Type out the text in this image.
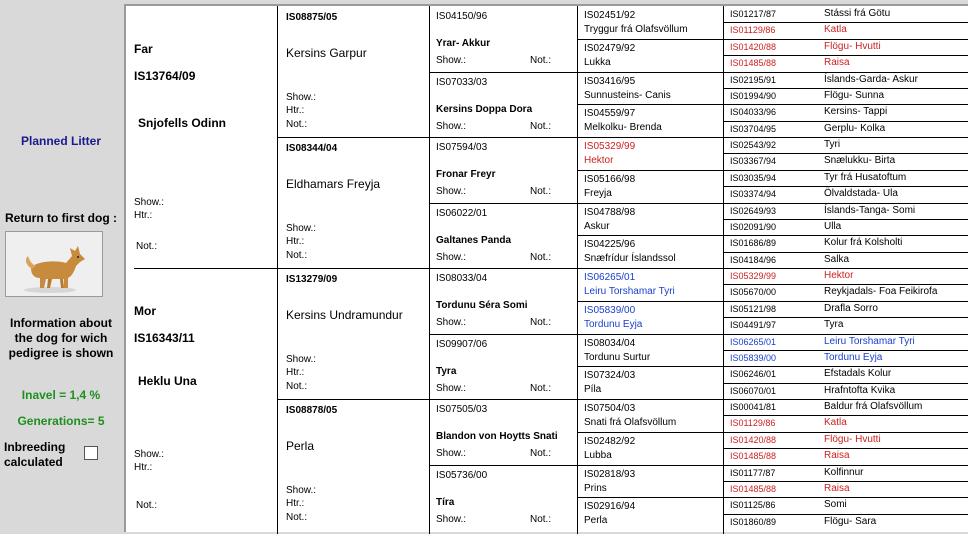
Planned Litter
Return to first dog :
Information about the dog for wich pedigree is shown
Inavel = 1,4 %
Generations= 5
Inbreeding calculated
Far
IS13764/09
Snjofells Odinn
Show.:
Htr.:
Not.:
Mor
IS16343/11
Heklu Una
Show.:
Htr.:
Not.:
IS08875/05
Kersins Garpur
Show.:
Htr.:
Not.:
IS08344/04
Eldhamars Freyja
Show.:
Htr.:
Not.:
IS13279/09
Kersins Undramundur
Show.:
Htr.:
Not.:
IS08878/05
Perla
Show.:
Htr.:
Not.:
IS04150/96
Yrar- Akkur
Show.:	Not.:
IS07033/03
Kersins Doppa Dora
Show.:	Not.:
IS07594/03
Fronar Freyr
Show.:	Not.:
IS06022/01
Galtanes Panda
Show.:	Not.:
IS08033/04
Tordunu Séra Somi
Show.:	Not.:
IS09907/06
Tyra
Show.:	Not.:
IS07505/03
Blandon von Hoytts Snati
Show.:	Not.:
IS05736/00
Tíra
Show.:	Not.:
IS02451/92
Tryggur frá Olafsvöllum
IS02479/92
Lukka
IS03416/95
Sunnusteins- Canis
IS04559/97
Melkolku- Brenda
IS05329/99
Hektor
IS05166/98
Freyja
IS04788/98
Askur
IS04225/96
Snæfrídur Íslandssol
IS06265/01
Leiru Torshamar Tyri
IS05839/00
Tordunu Eyja
IS08034/04
Tordunu Surtur
IS07324/03
Píla
IS07504/03
Snati frá Olafsvöllum
IS02482/92
Lubba
IS02818/93
Prins
IS02916/94
Perla
IS01217/87	Stássi frá Götu
IS01129/86	Katla
IS01420/88	Flögu- Hvutti
IS01485/88	Raisa
IS02195/91	Íslands-Garda- Askur
IS01994/90	Flögu- Sunna
IS04033/96	Kersins- Tappi
IS03704/95	Gerplu- Kolka
IS02543/92	Tyri
IS03367/94	Snælukku- Birta
IS03035/94	Tyr frá Husatoftum
IS03374/94	Ölvaldstada- Ula
IS02649/93	Íslands-Tanga- Somi
IS02091/90	Ulla
IS01686/89	Kolur frá Kolsholti
IS04184/96	Salka
IS05329/99	Hektor
IS05670/00	Reykjadals- Foa Feikirofa
IS05121/98	Drafla Sorro
IS04491/97	Tyra
IS06265/01	Leiru Torshamar Tyri
IS05839/00	Tordunu Eyja
IS06246/01	Efstadals Kolur
IS06070/01	Hrafntofta Kvika
IS00041/81	Baldur frá Olafsvöllum
IS01129/86	Katla
IS01420/88	Flögu- Hvutti
IS01485/88	Raisa
IS01177/87	Kolfinnur
IS01485/88	Raisa
IS01125/86	Somi
IS01860/89	Flögu- Sara
